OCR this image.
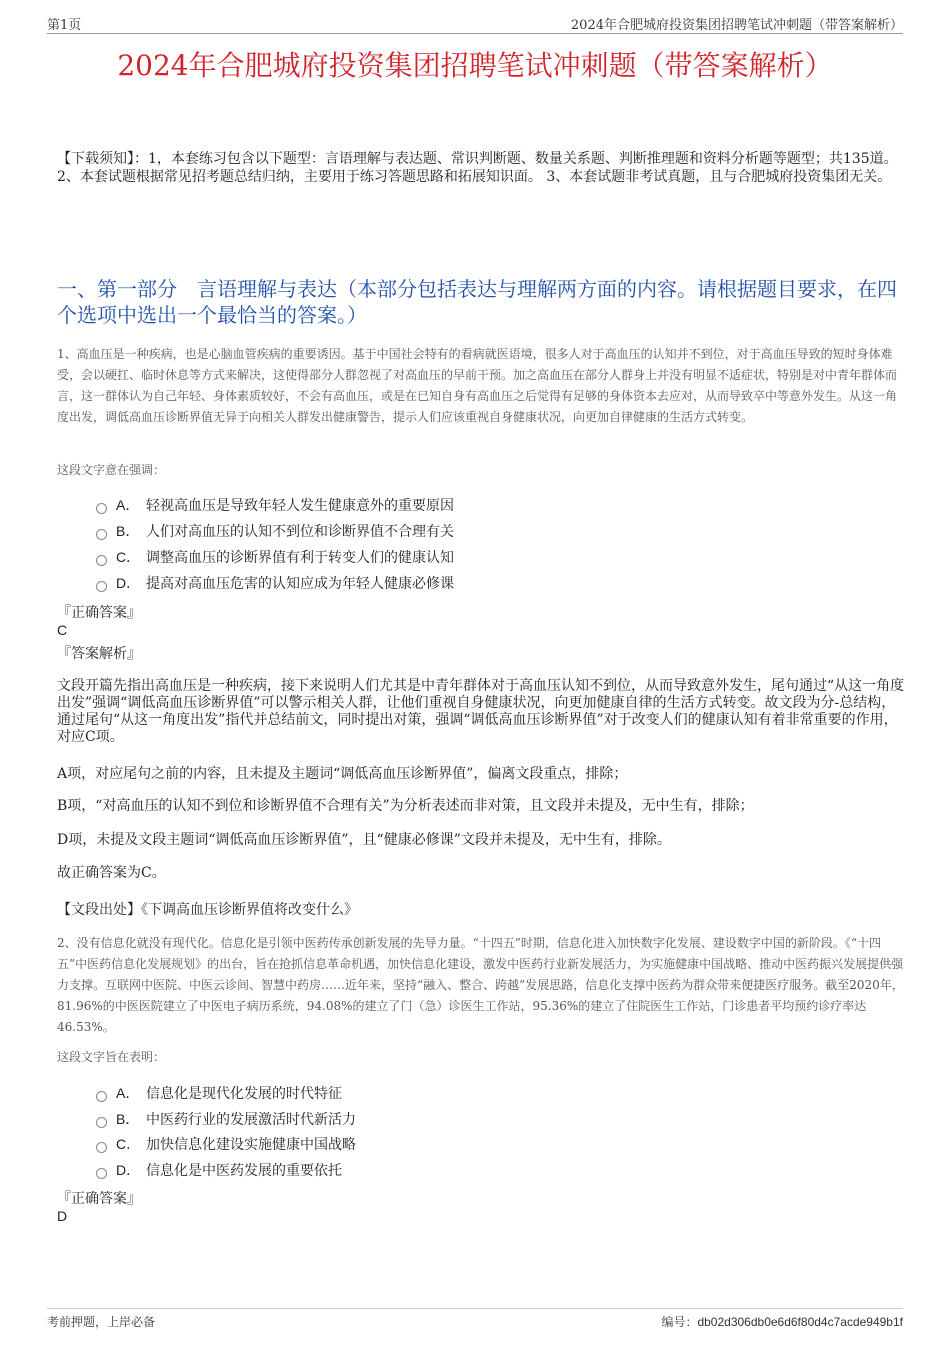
第1页	2024年合肥城府投资集团招聘笔试冲刺题（带答案解析）
2024年合肥城府投资集团招聘笔试冲刺题（带答案解析）
【下载须知】：1，本套练习包含以下题型：言语理解与表达题、常识判断题、数量关系题、判断推理题和资料分析题等题型；共135道。 2、本套试题根据常见招考题总结归纳，主要用于练习答题思路和拓展知识面。 3、本套试题非考试真题，且与合肥城府投资集团无关。
一、第一部分　言语理解与表达（本部分包括表达与理解两方面的内容。请根据题目要求，在四个选项中选出一个最恰当的答案。）
1、高血压是一种疾病，也是心脑血管疾病的重要诱因。基于中国社会特有的看病就医语境，很多人对于高血压的认知并不到位，对于高血压导致的短时身体难受，会以硬扛、临时休息等方式来解决，这使得部分人群忽视了对高血压的早前干预。加之高血压在部分人群身上并没有明显不适症状，特别是对中青年群体而言，这一群体认为自己年轻、身体素质较好，不会有高血压，或是在已知自身有高血压之后觉得有足够的身体资本去应对，从而导致卒中等意外发生。从这一角度出发，调低高血压诊断界值无异于向相关人群发出健康警告，提示人们应该重视自身健康状况，向更加自律健康的生活方式转变。
这段文字意在强调：
A． 轻视高血压是导致年轻人发生健康意外的重要原因
B． 人们对高血压的认知不到位和诊断界值不合理有关
C． 调整高血压的诊断界值有利于转变人们的健康认知
D． 提高对高血压危害的认知应成为年轻人健康必修课
『正确答案』
C
『答案解析』
文段开篇先指出高血压是一种疾病，接下来说明人们尤其是中青年群体对于高血压认知不到位，从而导致意外发生，尾句通过“从这一角度出发”强调“调低高血压诊断界值”可以警示相关人群，让他们重视自身健康状况，向更加健康自律的生活方式转变。故文段为分-总结构，通过尾句“从这一角度出发”指代并总结前文，同时提出对策，强调“调低高血压诊断界值”对于改变人们的健康认知有着非常重要的作用，对应C项。
A项，对应尾句之前的内容，且未提及主题词“调低高血压诊断界值”，偏离文段重点，排除；
B项，“对高血压的认知不到位和诊断界值不合理有关”为分析表述而非对策，且文段并未提及，无中生有，排除；
D项，未提及文段主题词“调低高血压诊断界值”，且“健康必修课”文段并未提及，无中生有，排除。
故正确答案为C。
【文段出处】《下调高血压诊断界值将改变什么》
2、没有信息化就没有现代化。信息化是引领中医药传承创新发展的先导力量。“十四五”时期，信息化进入加快数字化发展、建设数字中国的新阶段。《“十四五”中医药信息化发展规划》的出台，旨在抢抓信息革命机遇，加快信息化建设，激发中医药行业新发展活力，为实施健康中国战略、推动中医药振兴发展提供强力支撑。互联网中医院、中医云诊间、智慧中药房……近年来，坚持“融入、整合、跨越”发展思路，信息化支撑中医药为群众带来便捷医疗服务。截至2020年，81.96%的中医医院建立了中医电子病历系统，94.08%的建立了门（急）诊医生工作站，95.36%的建立了住院医生工作站，门诊患者平均预约诊疗率达46.53%。
这段文字旨在表明：
A． 信息化是现代化发展的时代特征
B． 中医药行业的发展激活时代新活力
C． 加快信息化建设实施健康中国战略
D． 信息化是中医药发展的重要依托
『正确答案』
D
考前押题，上岸必备	编号：db02d306db0e6d6f80d4c7acde949b1f
